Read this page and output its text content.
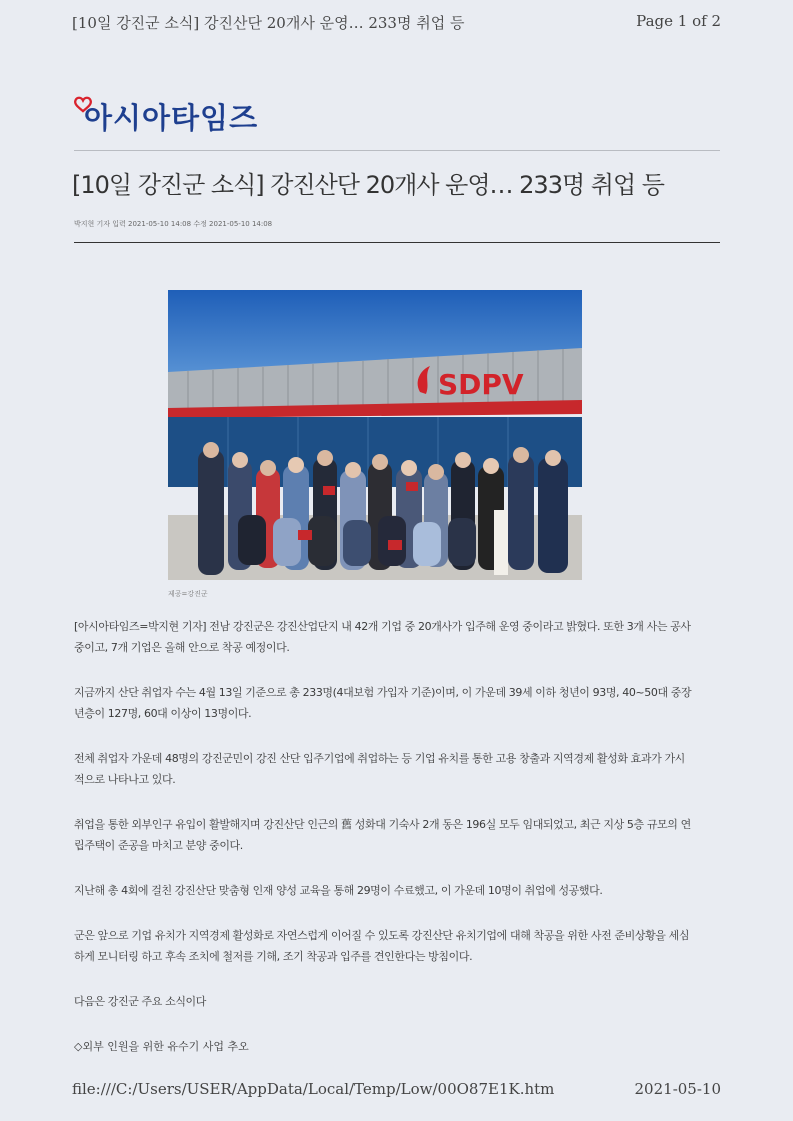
[10일 강진군 소식] 강진산단 20개사 운영… 233명 취업 등	Page 1 of 2
아시아타임즈
[10일 강진군 소식] 강진산단 20개사 운영… 233명 취업 등
박지현 기자 입력 2021-05-10 14:08 수정 2021-05-10 14:08
SDPV
제공=강진군

[아시아타임즈=박지현 기자] 전남 강진군은 강진산업단지 내 42개 기업 중 20개사가 입주해 운영 중이라고 밝혔다. 또한 3개 사는 공사 중이고, 7개 기업은 올해 안으로 착공 예정이다.

지금까지 산단 취업자 수는 4월 13일 기준으로 총 233명(4대보험 가입자 기준)이며, 이 가운데 39세 이하 청년이 93명, 40~50대 중장년층이 127명, 60대 이상이 13명이다.

전체 취업자 가운데 48명의 강진군민이 강진 산단 입주기업에 취업하는 등 기업 유치를 통한 고용 창출과 지역경제 활성화 효과가 가시적으로 나타나고 있다.

취업을 통한 외부인구 유입이 활발해지며 강진산단 인근의 舊 성화대 기숙사 2개 동은 196실 모두 임대되었고, 최근 지상 5층 규모의 연립주택이 준공을 마치고 분양 중이다.

지난해 총 4회에 걸친 강진산단 맞춤형 인재 양성 교육을 통해 29명이 수료했고, 이 가운데 10명이 취업에 성공했다.

군은 앞으로 기업 유치가 지역경제 활성화로 자연스럽게 이어질 수 있도록 강진산단 유치기업에 대해 착공을 위한 사전 준비상황을 세심하게 모니터링 하고 후속 조치에 철저를 기해, 조기 착공과 입주를 견인한다는 방침이다.

다음은 강진군 주요 소식이다

◇외부 인원을 위한 유수기 사업 추오
file:///C:/Users/USER/AppData/Local/Temp/Low/00O87E1K.htm	2021-05-10
